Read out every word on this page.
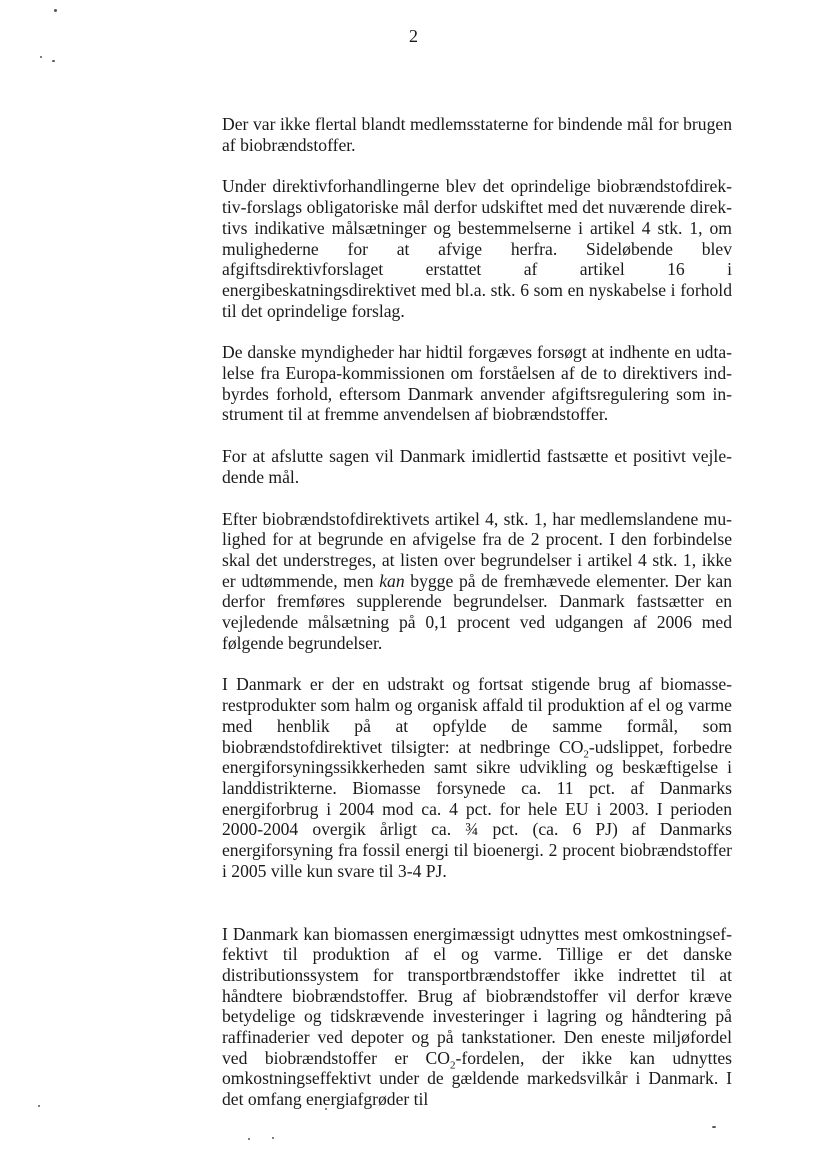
2

Der var ikke flertal blandt medlemsstaterne for bindende mål for brugen af biobrændstoffer.

Under direktivforhandlingerne blev det oprindelige biobrændstofdirektiv-forslags obligatoriske mål derfor udskiftet med det nuværende direktivs indikative målsætninger og bestemmelserne i artikel 4 stk. 1, om mulighederne for at afvige herfra. Sideløbende blev afgiftsdirektivforslaget erstattet af artikel 16 i energibeskatningsdirektivet med bl.a. stk. 6 som en nyskabelse i forhold til det oprindelige forslag.

De danske myndigheder har hidtil forgæves forsøgt at indhente en udtalelse fra Europa-kommissionen om forståelsen af de to direktivers indbyrdes forhold, eftersom Danmark anvender afgiftsregulering som instrument til at fremme anvendelsen af biobrændstoffer.

For at afslutte sagen vil Danmark imidlertid fastsætte et positivt vejledende mål.

Efter biobrændstofdirektivets artikel 4, stk. 1, har medlemslandene mulighed for at begrunde en afvigelse fra de 2 procent. I den forbindelse skal det understreges, at listen over begrundelser i artikel 4 stk. 1, ikke er udtømmende, men kan bygge på de fremhævede elementer. Der kan derfor fremføres supplerende begrundelser. Danmark fastsætter en vejledende målsætning på 0,1 procent ved udgangen af 2006 med følgende begrundelser.

I Danmark er der en udstrakt og fortsat stigende brug af biomasserestprodukter som halm og organisk affald til produktion af el og varme med henblik på at opfylde de samme formål, som biobrændstofdirektivet tilsigter: at nedbringe $CO_2$-udslippet, forbedre energiforsyningssikkerheden samt sikre udvikling og beskæftigelse i landdistrikterne. Biomasse forsynede ca. 11 pct. af Danmarks energiforbrug i 2004 mod ca. 4 pct. for hele EU i 2003. I perioden 2000-2004 overgik årligt ca. ¾ pct. (ca. 6 PJ) af Danmarks energiforsyning fra fossil energi til bioenergi. 2 procent biobrændstoffer i 2005 ville kun svare til 3-4 PJ.

I Danmark kan biomassen energimæssigt udnyttes mest omkostningseffektivt til produktion af el og varme. Tillige er det danske distributionssystem for transportbrændstoffer ikke indrettet til at håndtere biobrændstoffer. Brug af biobrændstoffer vil derfor kræve betydelige og tidskrævende investeringer i lagring og håndtering på raffinaderier ved depoter og på tankstationer. Den eneste miljøfordel ved biobrændstoffer er $CO_2$-fordelen, der ikke kan udnyttes omkostningseffektivt under de gældende markedsvilkår i Danmark. I det omfang energiafgrøder til
